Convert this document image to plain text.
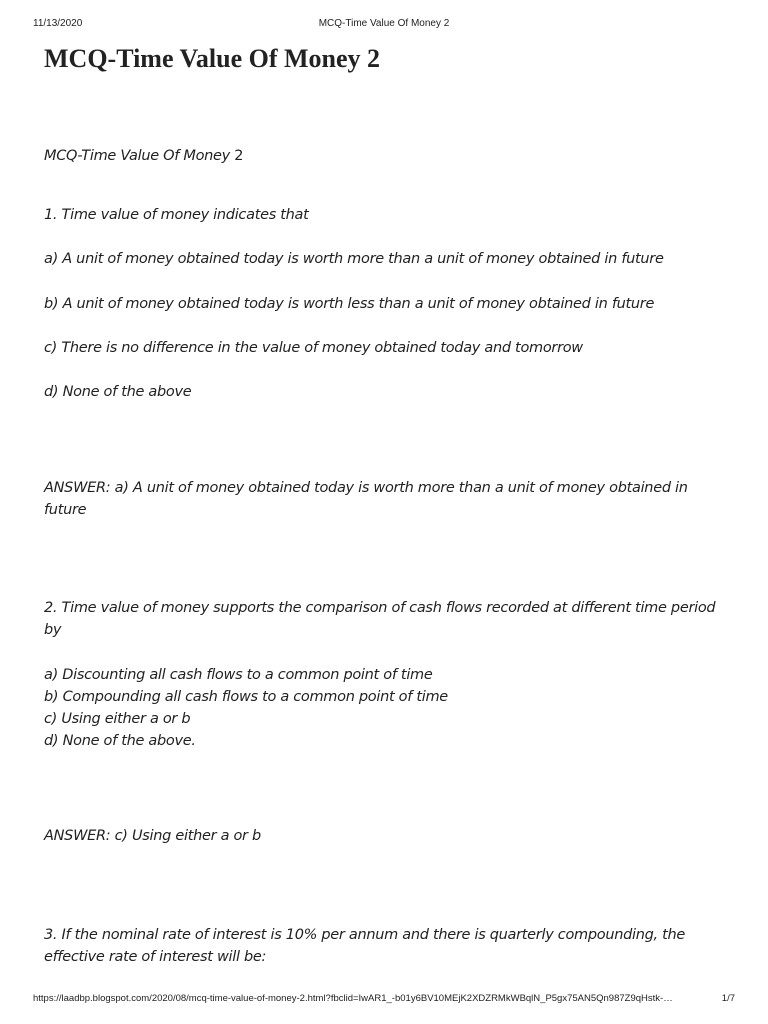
11/13/2020	MCQ-Time Value Of Money 2
MCQ-Time Value Of Money 2
MCQ-Time Value Of Money 2
1. Time value of money indicates that
a) A unit of money obtained today is worth more than a unit of money obtained in future
b) A unit of money obtained today is worth less than a unit of money obtained in future
c) There is no difference in the value of money obtained today and tomorrow
d) None of the above
ANSWER: a) A unit of money obtained today is worth more than a unit of money obtained in future
2. Time value of money supports the comparison of cash flows recorded at different time period by
a) Discounting all cash flows to a common point of time
b) Compounding all cash flows to a common point of time
c) Using either a or b
d) None of the above.
ANSWER: c) Using either a or b
3. If the nominal rate of interest is 10% per annum and there is quarterly compounding, the effective rate of interest will be:
https://laadbp.blogspot.com/2020/08/mcq-time-value-of-money-2.html?fbclid=IwAR1_-b01y6BV10MEjK2XDZRMkWBqlN_P5gx75AN5Qn987Z9qHstk-…	1/7
